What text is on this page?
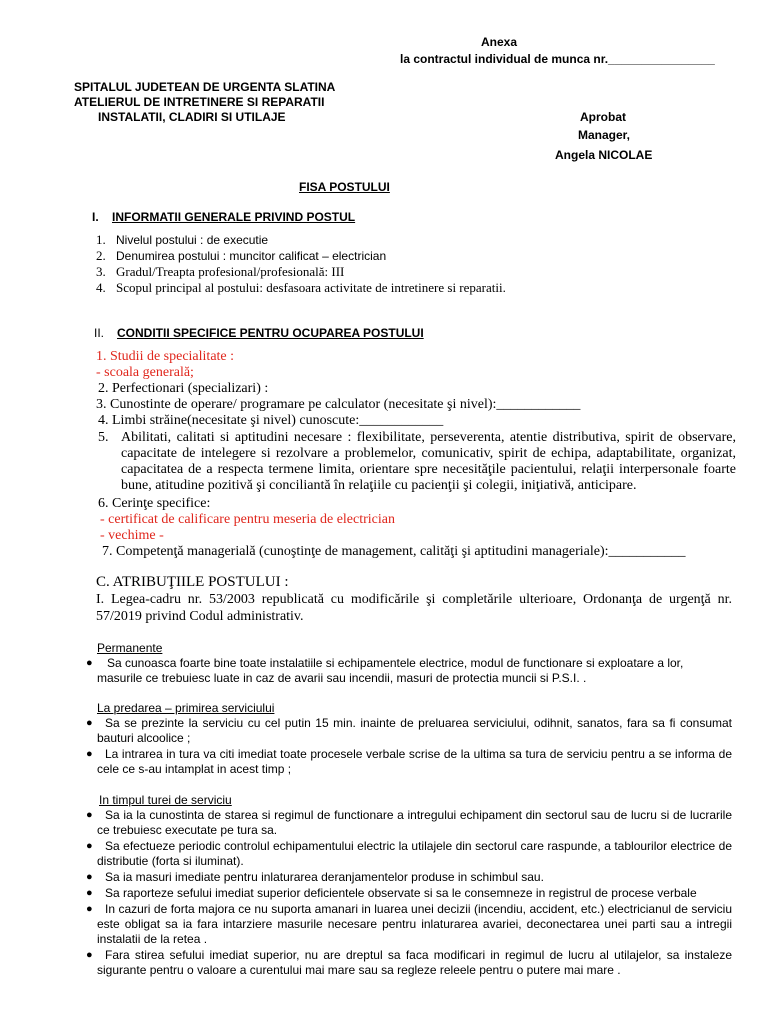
Anexa
la contractul individual de munca nr.________________
SPITALUL JUDETEAN DE URGENTA SLATINA
ATELIERUL DE INTRETINERE SI REPARATII
INSTALATII, CLADIRI SI UTILAJE	Aprobat
Manager,
Angela NICOLAE
FISA POSTULUI
I. INFORMATII GENERALE PRIVIND POSTUL
1. Nivelul postului : de executie
2. Denumirea postului : muncitor calificat – electrician
3. Gradul/Treapta profesional/profesională: III
4. Scopul principal al postului: desfasoara activitate de intretinere si reparatii.
II. CONDITII SPECIFICE PENTRU OCUPAREA POSTULUI
1. Studii de specialitate :
- scoala generală;
2. Perfectionari (specializari) :
3. Cunostinte de operare/ programare pe calculator (necesitate şi nivel):____________
4. Limbi străine(necesitate şi nivel) cunoscute:____________
5. Abilitati, calitati si aptitudini necesare : flexibilitate, perseverenta, atentie distributiva, spirit de observare, capacitate de intelegere si rezolvare a problemelor, comunicativ, spirit de echipa, adaptabilitate, organizat, capacitatea de a respecta termene limita, orientare spre necesităţile pacientului, relaţii interpersonale foarte bune, atitudine pozitivă şi conciliantă în relaţiile cu pacienţii şi colegii, iniţiativă, anticipare.
6. Cerinţe specifice:
- certificat de calificare pentru meseria de electrician
- vechime -
7. Competenţă managerială (cunoştinţe de management, calităţi şi aptitudini manageriale):___________
C. ATRIBUŢIILE POSTULUI :
I. Legea-cadru nr. 53/2003 republicată cu modificările şi completările ulterioare, Ordonanţa de urgenţă nr. 57/2019 privind Codul administrativ.
Permanente
●	Sa cunoasca foarte bine toate instalatiile si echipamentele electrice, modul de functionare si exploatare a lor, masurile ce trebuiesc luate in caz de avarii sau incendii, masuri de protectia muncii si P.S.I. .
La predarea – primirea serviciului
●	Sa se prezinte la serviciu cu cel putin 15 min. inainte de preluarea serviciului, odihnit, sanatos, fara sa fi consumat bauturi alcoolice ;
●	La intrarea in tura va citi imediat toate procesele verbale scrise de la ultima sa tura de serviciu pentru a se informa de cele ce s-au intamplat in acest timp ;
In timpul turei de serviciu
●	Sa ia la cunostinta de starea si regimul de functionare a intregului echipament din sectorul sau de lucru si de lucrarile ce trebuiesc executate pe tura sa.
●	Sa efectueze periodic controlul echipamentului electric la utilajele din sectorul care raspunde, a tablourilor electrice de distributie (forta si iluminat).
●	Sa ia masuri imediate pentru inlaturarea deranjamentelor produse in schimbul sau.
●	Sa raporteze sefului imediat superior deficientele observate si sa le consemneze in registrul de procese verbale
●	In cazuri de forta majora ce nu suporta amanari in luarea unei decizii (incendiu, accident, etc.) electricianul de serviciu este obligat sa ia fara intarziere masurile necesare pentru inlaturarea avariei, deconectarea unei parti sau a intregii instalatii de la retea .
●	Fara stirea sefului imediat superior, nu are dreptul sa faca modificari in regimul de lucru al utilajelor, sa instaleze sigurante pentru o valoare a curentului mai mare sau sa regleze releele pentru o putere mai mare .
